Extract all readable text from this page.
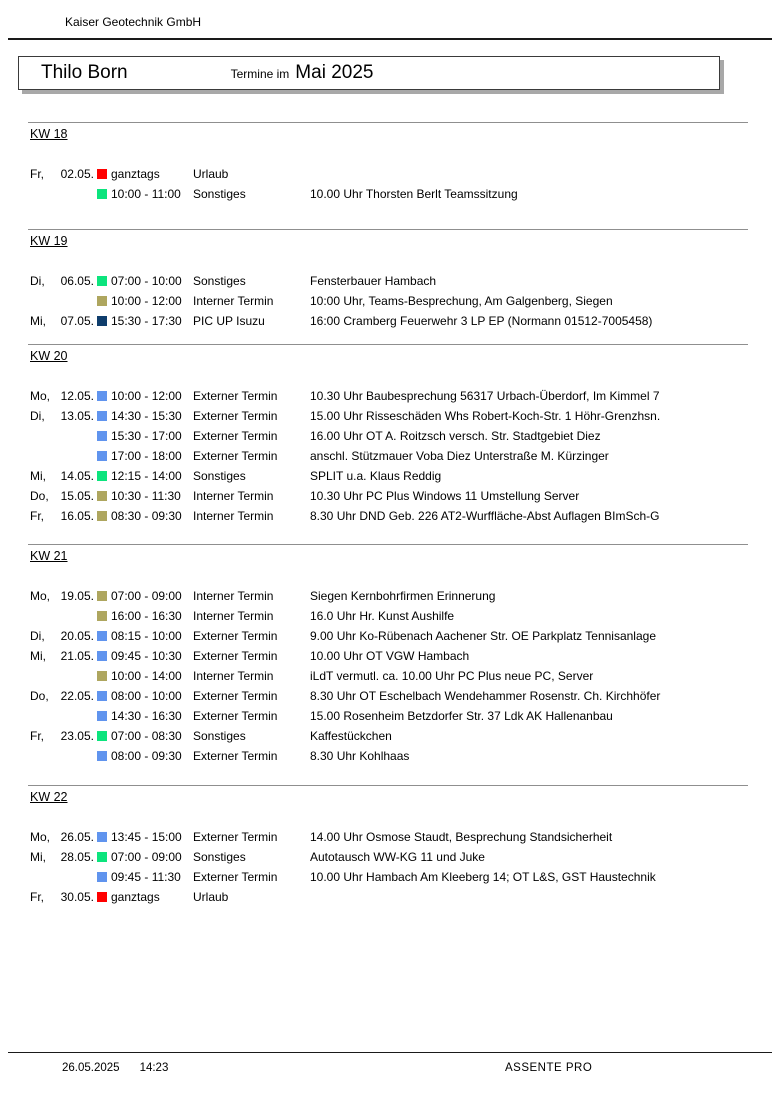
Kaiser Geotechnik GmbH
Thilo Born	Termine im Mai 2025
KW 18
Fr, 02.05. ganztags	Urlaub
10:00 - 11:00	Sonstiges	10.00 Uhr Thorsten Berlt Teamssitzung
KW 19
Di, 06.05. 07:00 - 10:00 Sonstiges	Fensterbauer Hambach
10:00 - 12:00 Interner Termin	10:00 Uhr, Teams-Besprechung, Am Galgenberg, Siegen
Mi, 07.05. 15:30 - 17:30 PIC UP Isuzu	16:00 Cramberg Feuerwehr 3 LP EP (Normann 01512-7005458)
KW 20
Mo, 12.05. 10:00 - 12:00 Externer Termin	10.30 Uhr Baubesprechung 56317 Urbach-Überdorf, Im Kimmel 7
Di, 13.05. 14:30 - 15:30 Externer Termin	15.00 Uhr Risseschäden Whs Robert-Koch-Str. 1 Höhr-Grenzhsn.
15:30 - 17:00 Externer Termin	16.00 Uhr OT A. Roitzsch versch. Str. Stadtgebiet Diez
17:00 - 18:00 Externer Termin	anschl. Stützmauer Voba Diez Unterstraße M. Kürzinger
Mi, 14.05. 12:15 - 14:00 Sonstiges	SPLIT u.a. Klaus Reddig
Do, 15.05. 10:30 - 11:30	Interner Termin	10.30 Uhr PC Plus Windows 11 Umstellung Server
Fr, 16.05. 08:30 - 09:30 Interner Termin	8.30 Uhr DND Geb. 226 AT2-Wurffläche-Abst Auflagen BImSch-G
KW 21
Mo, 19.05. 07:00 - 09:00 Interner Termin	Siegen Kernbohrfirmen Erinnerung
16:00 - 16:30 Interner Termin	16.0 Uhr Hr. Kunst Aushilfe
Di, 20.05. 08:15 - 10:00 Externer Termin	9.00 Uhr Ko-Rübenach Aachener Str. OE Parkplatz Tennisanlage
Mi, 21.05. 09:45 - 10:30 Externer Termin	10.00 Uhr OT VGW Hambach
10:00 - 14:00 Interner Termin	iLdT vermutl. ca. 10.00 Uhr PC Plus neue PC, Server
Do, 22.05. 08:00 - 10:00 Externer Termin	8.30 Uhr OT Eschelbach Wendehammer Rosenstr. Ch. Kirchhöfer
14:30 - 16:30 Externer Termin	15.00 Rosenheim Betzdorfer Str. 37 Ldk AK Hallenanbau
Fr, 23.05. 07:00 - 08:30 Sonstiges	Kaffestückchen
08:00 - 09:30 Externer Termin	8.30 Uhr Kohlhaas
KW 22
Mo, 26.05. 13:45 - 15:00 Externer Termin	14.00 Uhr Osmose Staudt, Besprechung Standsicherheit
Mi, 28.05. 07:00 - 09:00 Sonstiges	Autotausch WW-KG 11 und Juke
09:45 - 11:30	Externer Termin	10.00 Uhr Hambach Am Kleeberg 14; OT L&S, GST Haustechnik
Fr, 30.05. ganztags	Urlaub
26.05.2025 14:23	ASSENTE PRO
